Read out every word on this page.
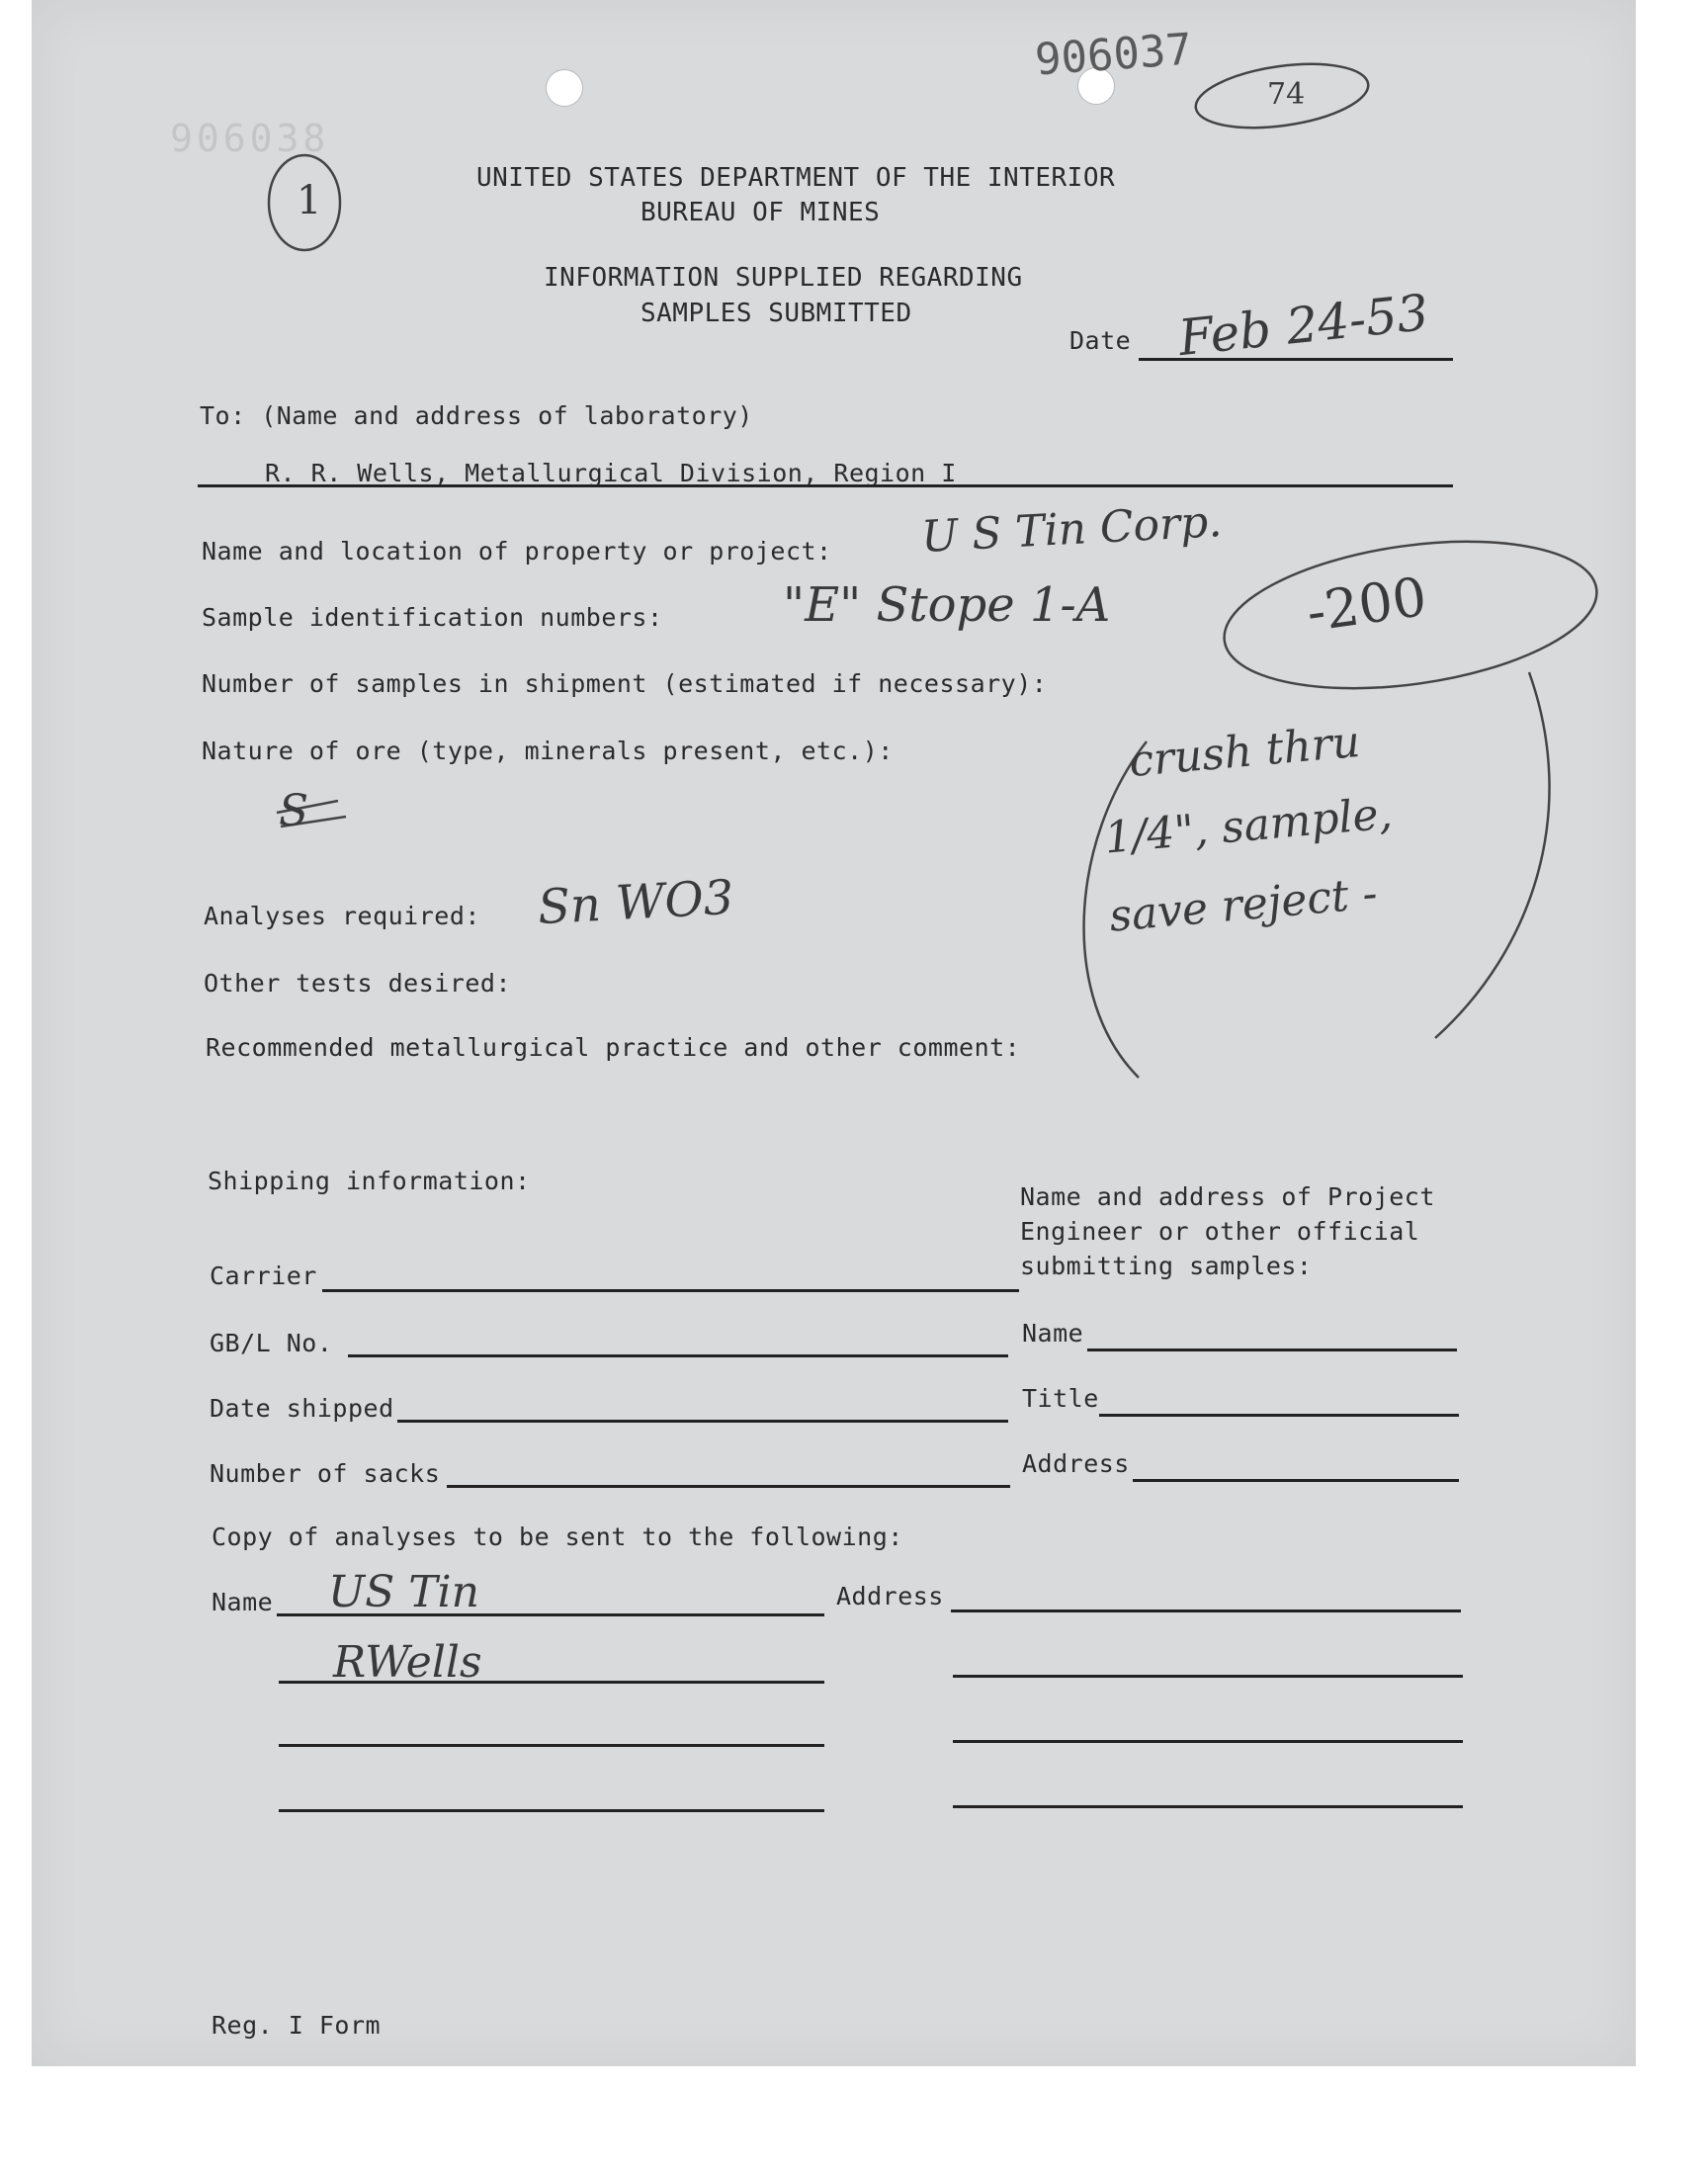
906038
906037
74
1	UNITED STATES DEPARTMENT OF THE INTERIOR
BUREAU OF MINES
INFORMATION SUPPLIED REGARDING
SAMPLES SUBMITTED
Date Feb 24-53
To: (Name and address of laboratory)
R. R. Wells, Metallurgical Division, Region I
Name and location of property or project: U S Tin Corp.
Sample identification numbers:	"E" Stope 1-A	-200
Number of samples in shipment (estimated if necessary):
Nature of ore (type, minerals present, etc.):
S
crush thru
1/4", sample,
save reject -
Analyses required: Sn WO3
Other tests desired:
Recommended metallurgical practice and other comment:
Shipping information:
Name and address of Project
Engineer or other official
submitting samples:
Carrier
GB/L No.	Name
Date shipped	Title
Number of sacks	Address
Copy of analyses to be sent to the following:
Name US Tin	Address
RWells
Reg. I Form
